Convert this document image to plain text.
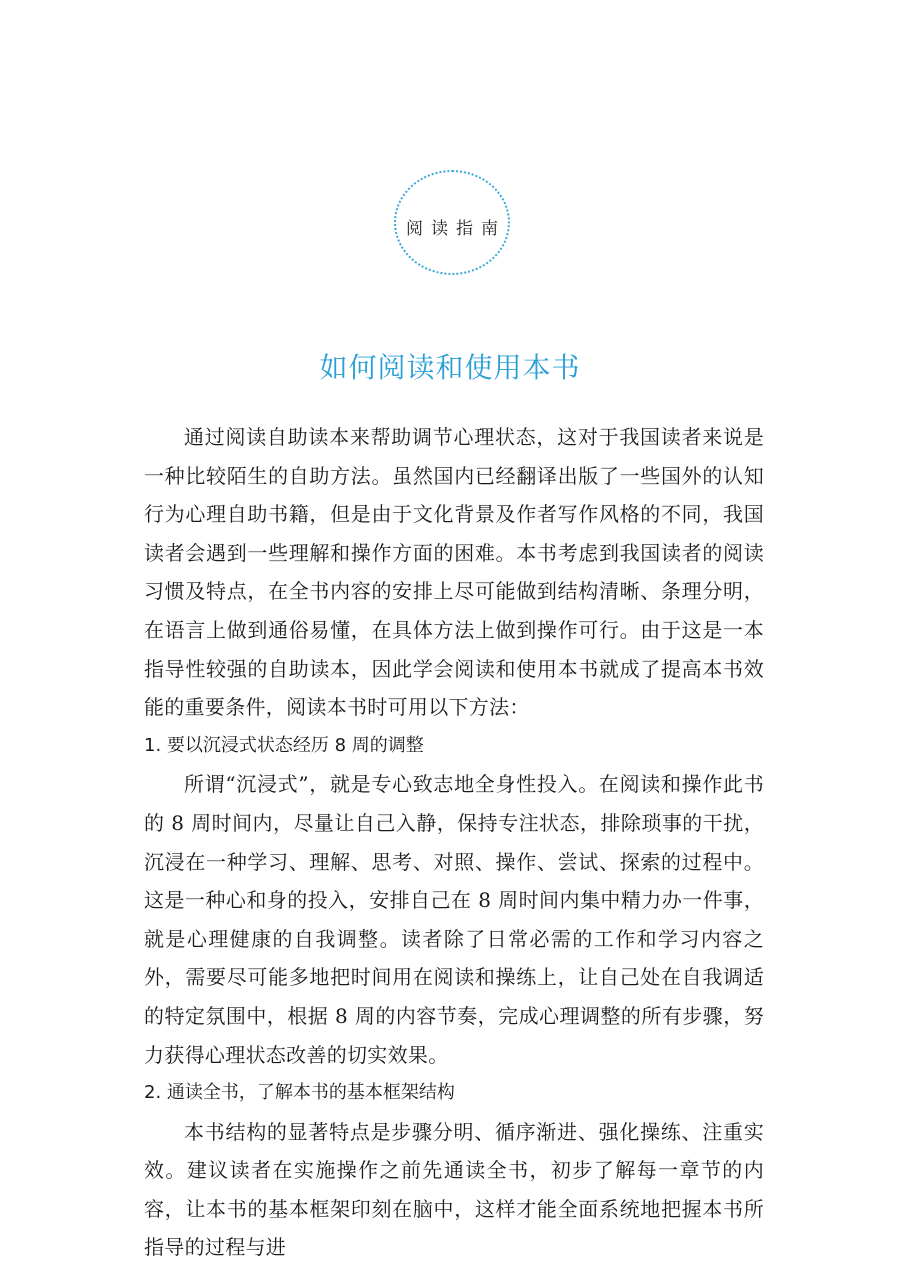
阅读指南
如何阅读和使用本书

通过阅读自助读本来帮助调节心理状态，这对于我国读者来说是一种比较陌生的自助方法。虽然国内已经翻译出版了一些国外的认知行为心理自助书籍，但是由于文化背景及作者写作风格的不同，我国读者会遇到一些理解和操作方面的困难。本书考虑到我国读者的阅读习惯及特点，在全书内容的安排上尽可能做到结构清晰、条理分明，在语言上做到通俗易懂，在具体方法上做到操作可行。由于这是一本指导性较强的自助读本，因此学会阅读和使用本书就成了提高本书效能的重要条件，阅读本书时可用以下方法：

1. 要以沉浸式状态经历 8 周的调整

所谓“沉浸式”，就是专心致志地全身性投入。在阅读和操作此书的 8 周时间内，尽量让自己入静，保持专注状态，排除琐事的干扰，沉浸在一种学习、理解、思考、对照、操作、尝试、探索的过程中。这是一种心和身的投入，安排自己在 8 周时间内集中精力办一件事，就是心理健康的自我调整。读者除了日常必需的工作和学习内容之外，需要尽可能多地把时间用在阅读和操练上，让自己处在自我调适的特定氛围中，根据 8 周的内容节奏，完成心理调整的所有步骤，努力获得心理状态改善的切实效果。

2. 通读全书，了解本书的基本框架结构

本书结构的显著特点是步骤分明、循序渐进、强化操练、注重实效。建议读者在实施操作之前先通读全书，初步了解每一章节的内容，让本书的基本框架印刻在脑中，这样才能全面系统地把握本书所指导的过程与进
